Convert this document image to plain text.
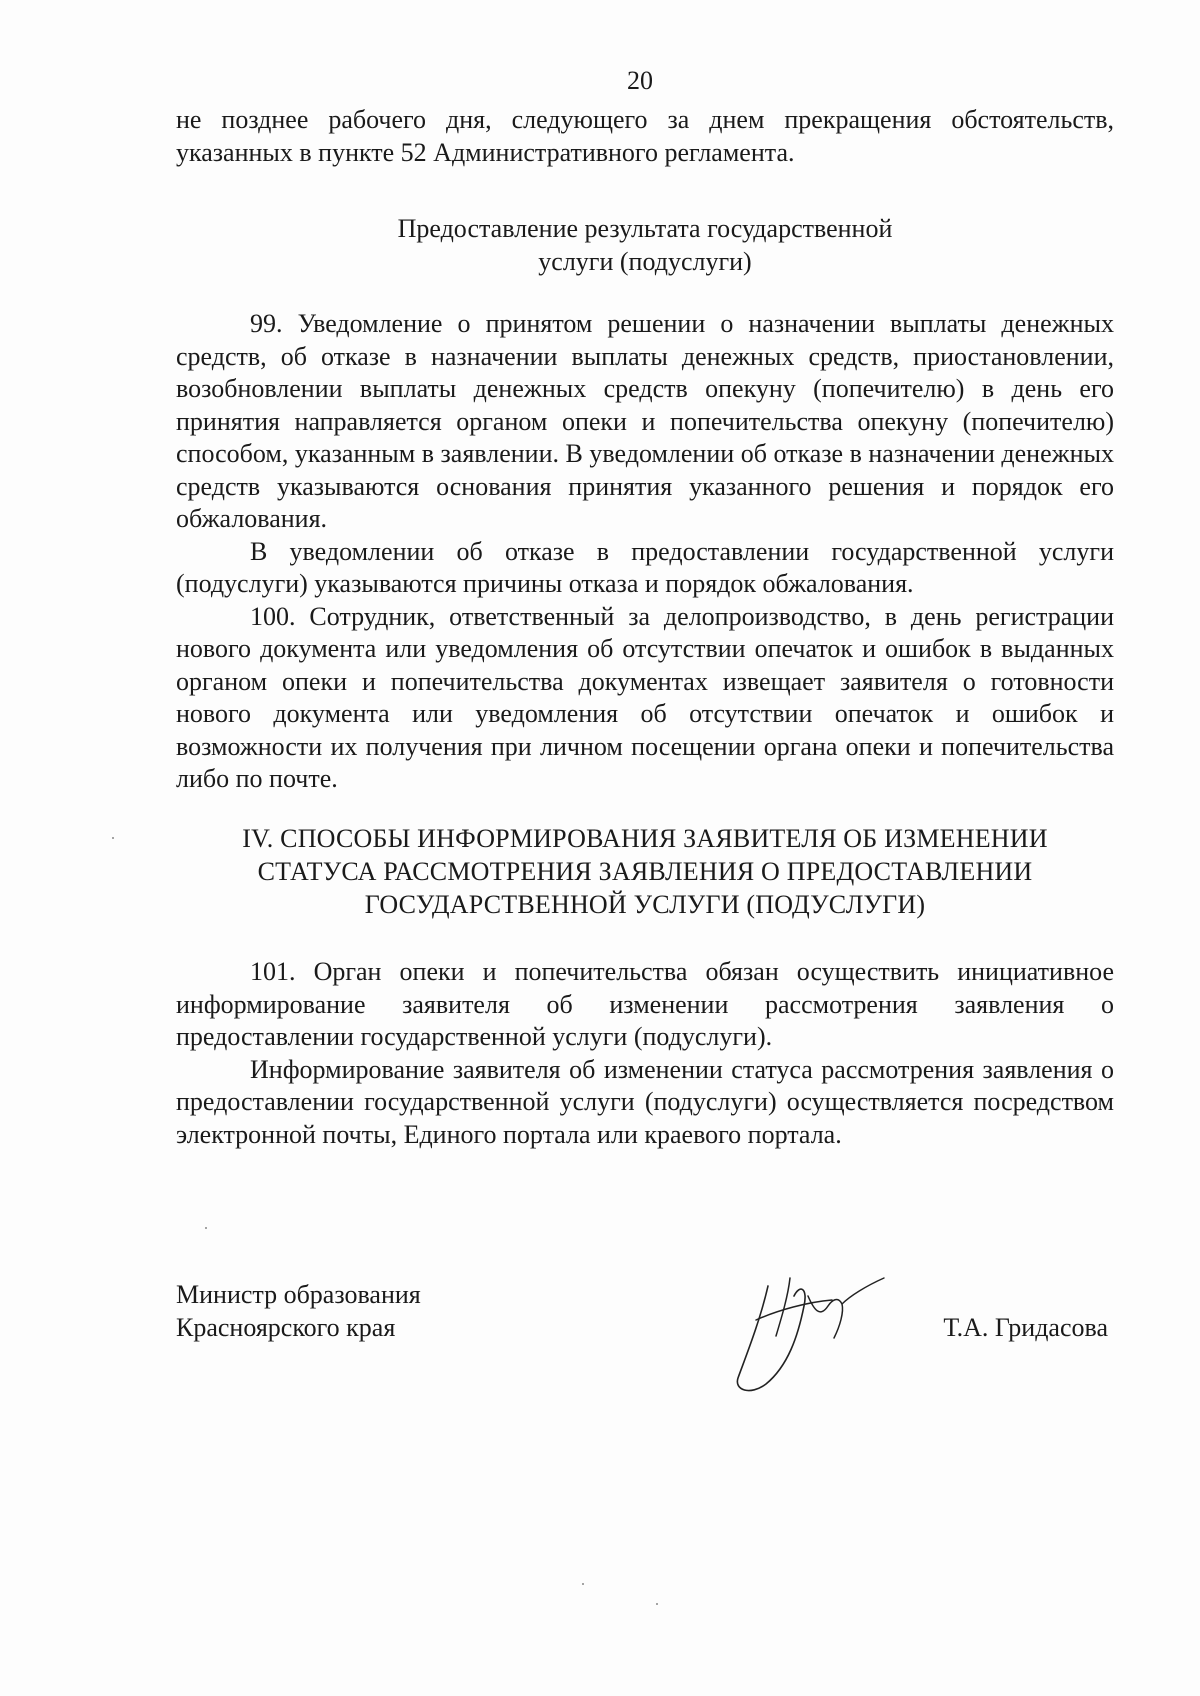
20

не позднее рабочего дня, следующего за днем прекращения обстоятельств, указанных в пункте 52 Административного регламента.

Предоставление результата государственной
услуги (подуслуги)

99. Уведомление о принятом решении о назначении выплаты денежных средств, об отказе в назначении выплаты денежных средств, приостановлении, возобновлении выплаты денежных средств опекуну (попечителю) в день его принятия направляется органом опеки и попечительства опекуну (попечителю) способом, указанным в заявлении. В уведомлении об отказе в назначении денежных средств указываются основания принятия указанного решения и порядок его обжалования.

В уведомлении об отказе в предоставлении государственной услуги (подуслуги) указываются причины отказа и порядок обжалования.

100. Сотрудник, ответственный за делопроизводство, в день регистрации нового документа или уведомления об отсутствии опечаток и ошибок в выданных органом опеки и попечительства документах извещает заявителя о готовности нового документа или уведомления об отсутствии опечаток и ошибок и возможности их получения при личном посещении органа опеки и попечительства либо по почте.

IV. СПОСОБЫ ИНФОРМИРОВАНИЯ ЗАЯВИТЕЛЯ ОБ ИЗМЕНЕНИИ
СТАТУСА РАССМОТРЕНИЯ ЗАЯВЛЕНИЯ О ПРЕДОСТАВЛЕНИИ
ГОСУДАРСТВЕННОЙ УСЛУГИ (ПОДУСЛУГИ)

101. Орган опеки и попечительства обязан осуществить инициативное информирование заявителя об изменении рассмотрения заявления о предоставлении государственной услуги (подуслуги).

Информирование заявителя об изменении статуса рассмотрения заявления о предоставлении государственной услуги (подуслуги) осуществляется посредством электронной почты, Единого портала или краевого портала.

Министр образования
Красноярского края	Т.А. Гридасова
